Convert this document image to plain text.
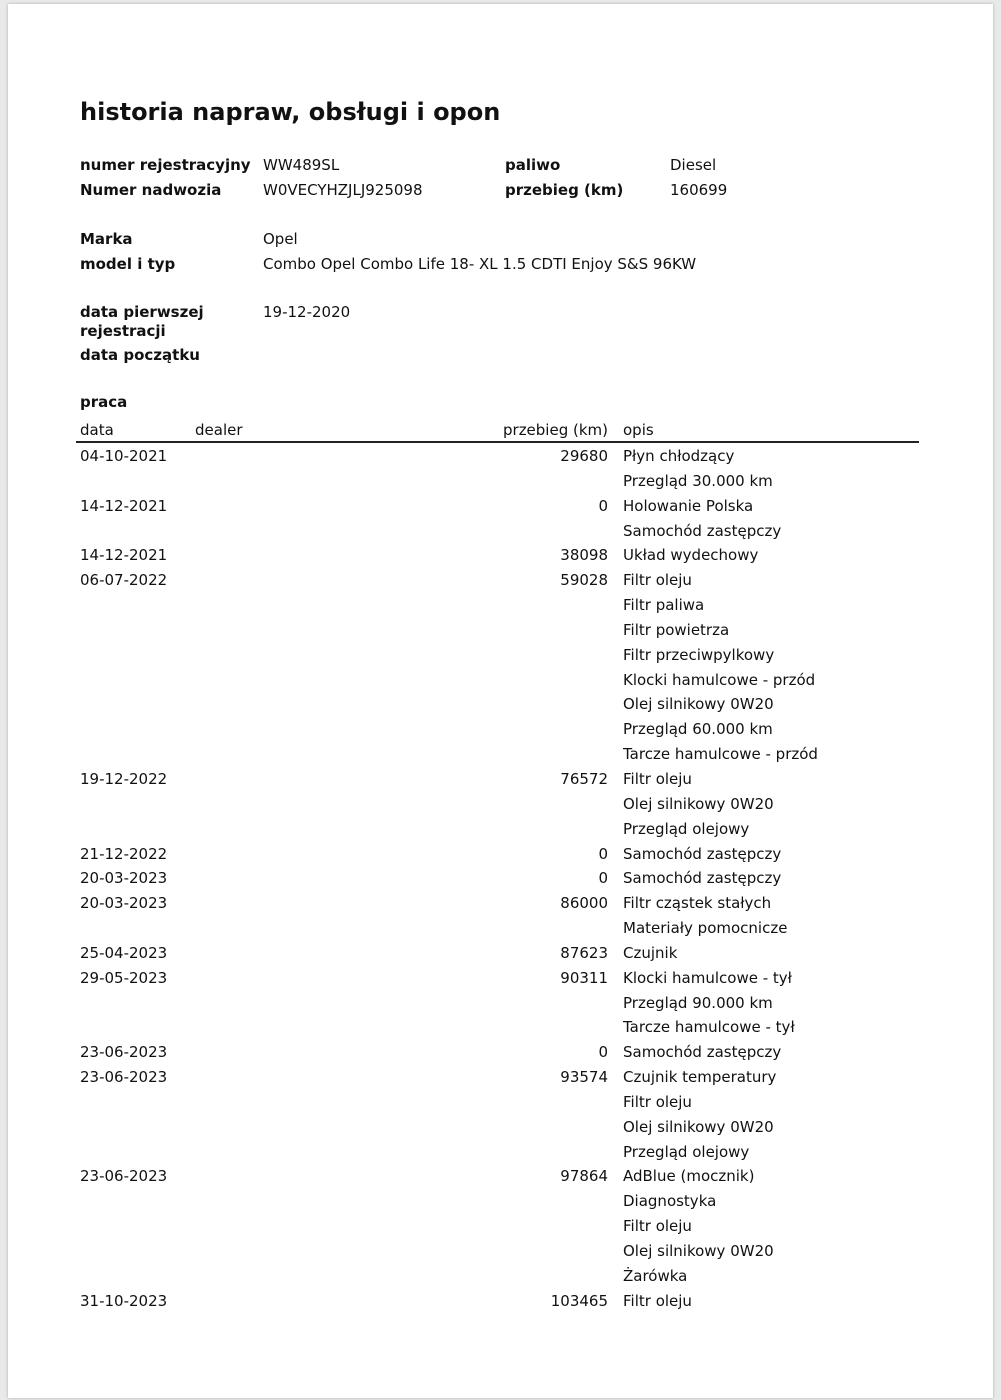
historia napraw, obsługi i opon
numer rejestracyjny WW489SL	paliwo	Diesel
Numer nadwozia	W0VECYHZJLJ925098	przebieg (km)	160699
Marka	Opel
model i typ	Combo Opel Combo Life 18- XL 1.5 CDTI Enjoy S&S 96KW
data pierwszej rejestracji
19-12-2020
data początku
praca
data	dealer	przebieg (km) opis
04-10-2021	29680 Płyn chłodzący
Przegląd 30.000 km
14-12-2021	0 Holowanie Polska
Samochód zastępczy
14-12-2021	38098 Układ wydechowy
06-07-2022	59028 Filtr oleju
Filtr paliwa
Filtr powietrza
Filtr przeciwpylkowy
Klocki hamulcowe - przód
Olej silnikowy 0W20
Przegląd 60.000 km
Tarcze hamulcowe - przód
19-12-2022	76572 Filtr oleju
Olej silnikowy 0W20
Przegląd olejowy
21-12-2022	0 Samochód zastępczy
20-03-2023	0 Samochód zastępczy
20-03-2023	86000 Filtr cząstek stałych
Materiały pomocnicze
25-04-2023	87623 Czujnik
29-05-2023	90311 Klocki hamulcowe - tył
Przegląd 90.000 km
Tarcze hamulcowe - tył
23-06-2023	0 Samochód zastępczy
23-06-2023	93574 Czujnik temperatury
Filtr oleju
Olej silnikowy 0W20
Przegląd olejowy
23-06-2023	97864 AdBlue (mocznik)
Diagnostyka
Filtr oleju
Olej silnikowy 0W20
Żarówka
31-10-2023	103465 Filtr oleju
